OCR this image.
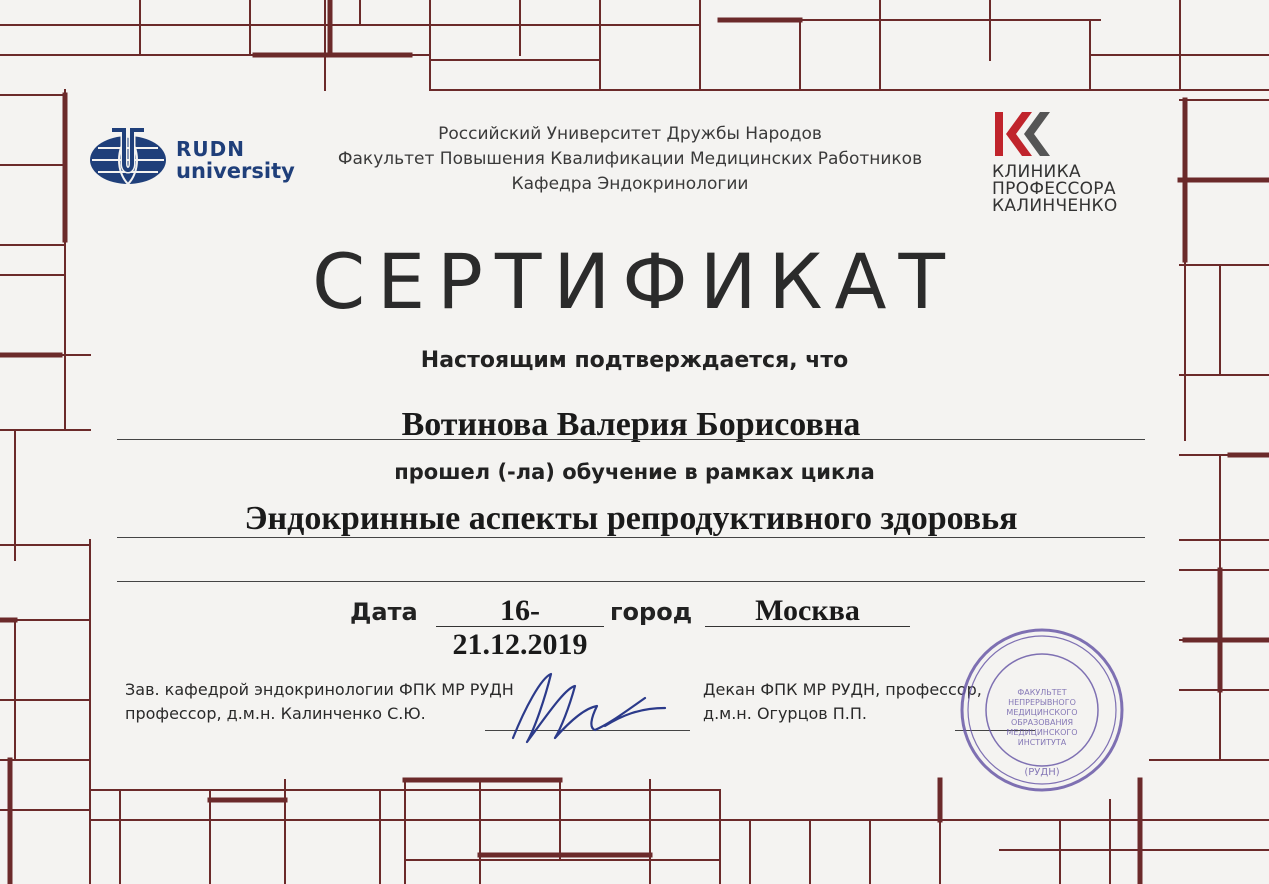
RUDN
university
Российский Университет Дружбы Народов
Факультет Повышения Квалификации Медицинских Работников
Кафедра Эндокринологии
КЛИНИКА
ПРОФЕССОРА
КАЛИНЧЕНКО
СЕРТИФИКАТ
Настоящим подтверждается, что
Вотинова Валерия Борисовна
прошел (-ла) обучение в рамках цикла
Эндокринные аспекты репродуктивного здоровья
Дата	16-21.12.2019
город	Москва
Зав. кафедрой эндокринологии ФПК МР РУДН
профессор, д.м.н. Калинченко С.Ю.
Декан ФПК МР РУДН, профессор,
д.м.н. Огурцов П.П.
ФАКУЛЬТЕТ НЕПРЕРЫВНОГО МЕДИЦИНСКОГО ОБРАЗОВАНИЯ МЕДИЦИНСКОГО ИНСТИТУТА
(РУДН)
